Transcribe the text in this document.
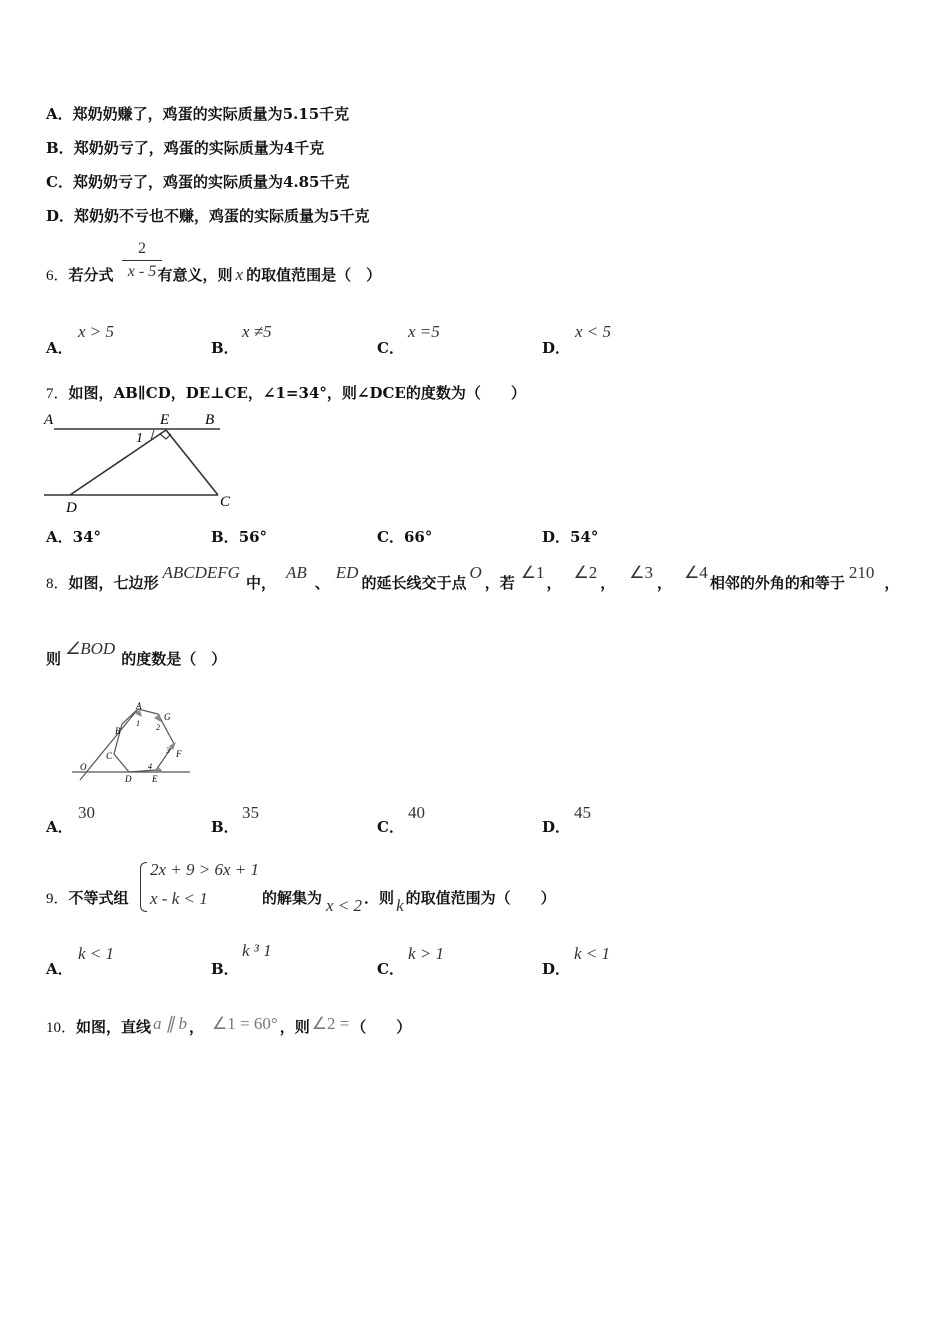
A．郑奶奶赚了，鸡蛋的实际质量为5.15千克
B．郑奶奶亏了，鸡蛋的实际质量为4千克
C．郑奶奶亏了，鸡蛋的实际质量为4.85千克
D．郑奶奶不亏也不赚，鸡蛋的实际质量为5千克
6．若分式	有意义，则 x 的取值范围是（　）
2
x - 5
A．
x > 5
B．
x ≠5
C．
x =5
D．
x < 5
7．如图，AB∥CD，DE⊥CE，∠1=34°，则∠DCE的度数为（　　）
A	E B
1
D	C
A．34°	B．56°	C．66°	D．54°
8．如图，七边形ABCDEFG中，AB、ED的延长线交于点O，若∠1，∠2，∠3，∠4相邻的外角的和等于210，
则∠BOD的度数是（　）
A
G
B
C	F
O
D E
1 2
3
4
A．
30
B．
35
C．
40
D．
45
9．不等式组
2x + 9 > 6x + 1
x - k < 1	的解集为 x < 2 ．则 k 的取值范围为（　　）
A．
k < 1
B．
k ³ 1
C．
k > 1
D．
k < 1
10．如图，直线 a ∥ b ， ∠1 = 60° ，则 ∠2 = （　　）
